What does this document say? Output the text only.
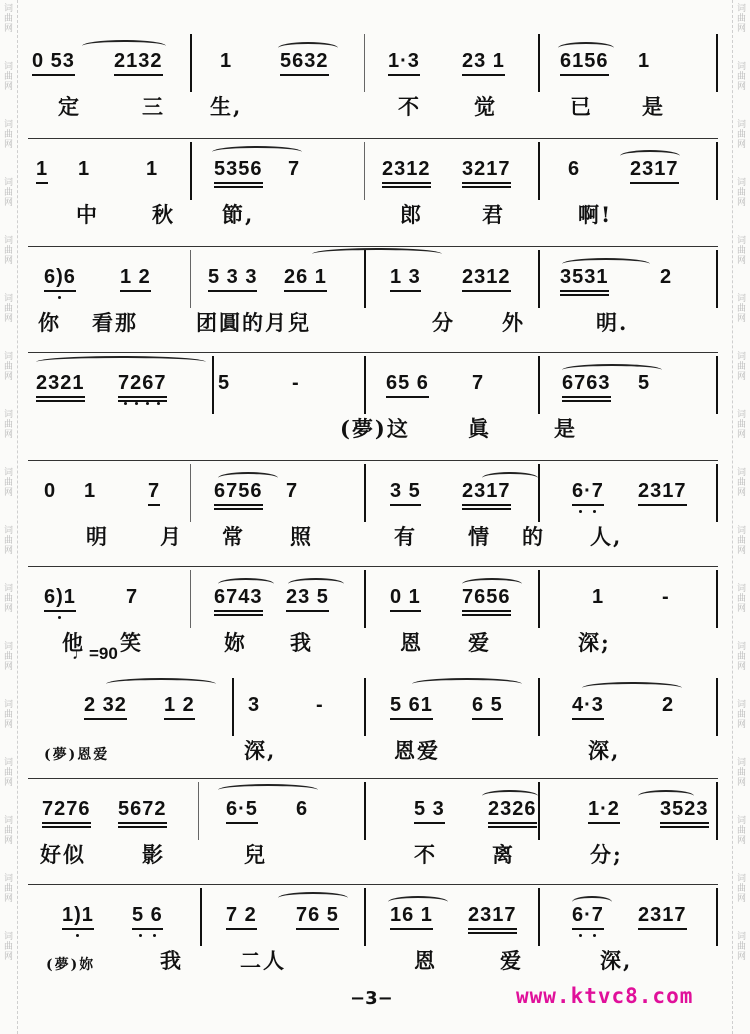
词
曲
网
词
曲
网
词
曲
网
词
曲
网
词
曲
网
词
曲
网
词
曲
网
词
曲
网
词
曲
网
词
曲
网
词
曲
网
词
曲
网
词
曲
网
词
曲
网
词
曲
网
词
曲
网
词
曲
网
词
曲
网
词
曲
网
词
曲
网
词
曲
网
词
曲
网
词
曲
网
词
曲
网
词
曲
网
词
曲
网
词
曲
网
词
曲
网
词
曲
网
词
曲
网
词
曲
网
词
曲
网
词
曲
网
词
曲
网
0 53 2132	1 5632	1·3 23 1	6156 1
定	三 生,	不	觉	已 是
1 1	1	5356 7	2312 3217	6 2317
中	秋 節,	郎	君	啊!
6)6 1 2	5 3 3 26 1	1 3 2312 3531	2
你 看那	团圓的月兒	分 外	明.
2321 7267	5	-	65 6 7	6763 5
(夢)这	眞	是
0 1	7	6756 7	3 5 2317	6·7 2317
明 月 常 照	有 情 的 人,
6)1	7	6743 23 5	0 1 7656	1	-
他 笑	妳 我	恩 爱	深;
♩=90
2 32 1 2	3	-	5 61 6 5	4·3	2
(夢)恩爱	深,	恩爱	深,
7276 5672	6·5 6	5 3 2326	1·2 3523
好似	影	兒	不	离	分;
1)1 5 6	7 2 76 5	16 1 2317	6·7 2317
(夢)妳	我	二人	恩	爱	深,
−3−	www.ktvc8.com
